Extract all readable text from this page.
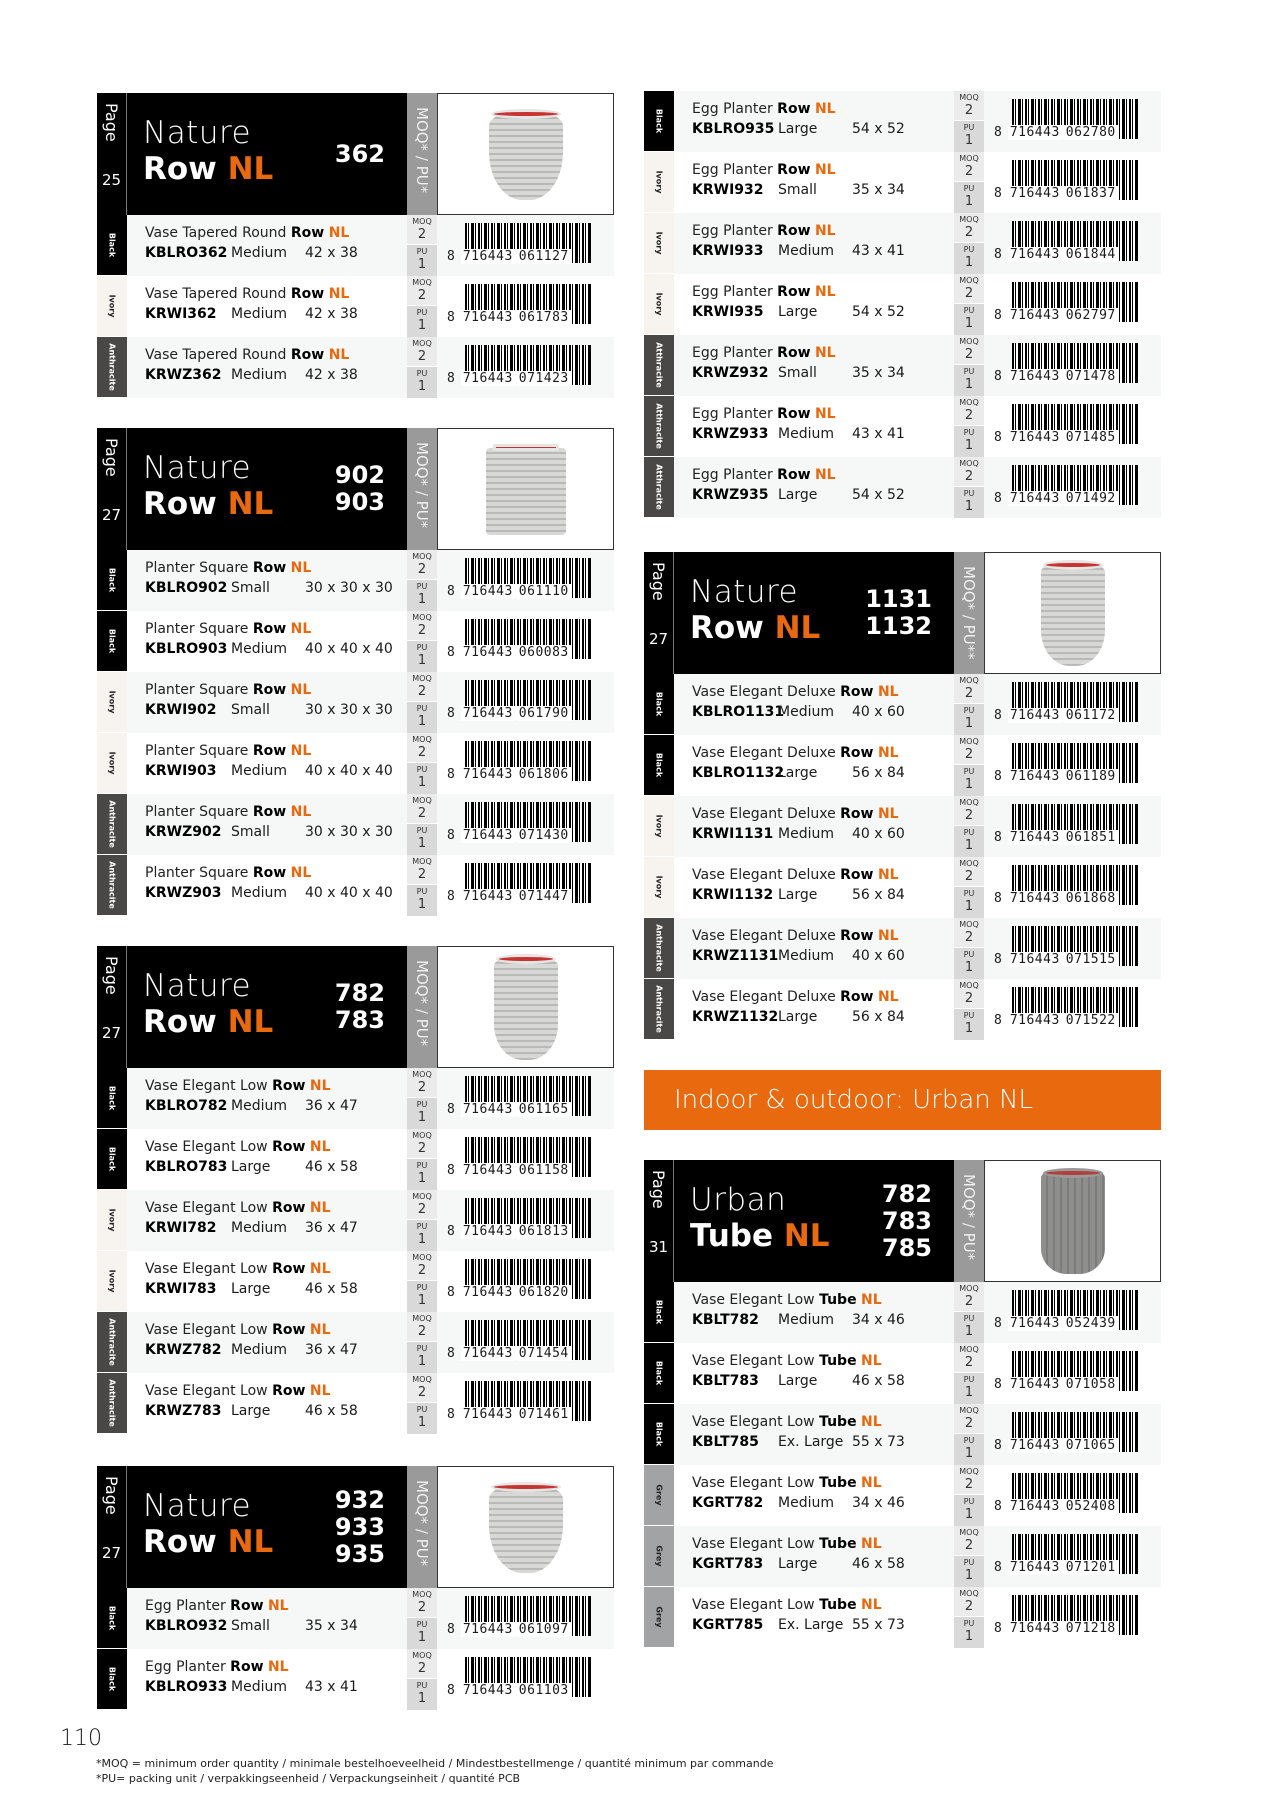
Page
25
Nature
Row NL	362 MOQ* / PU*
Black Vase Tapered Round Row NL
KBLRO362 Medium	42 x 38
MOQ
2
PU
1
8 716443 061127
Ivory
Vase Tapered Round Row NL
KRWI362	Medium	42 x 38
MOQ
2
PU
1
8 716443 061783
Anthracite Vase Tapered Round Row NL
KRWZ362 Medium	42 x 38
MOQ
2
PU
1
8 716443 071423
Page
27
Nature
Row NL
902
903 MOQ* / PU*
Black Planter Square Row NL
KBLRO902 Small	30 x 30 x 30
MOQ
2
PU
1
8 716443 061110
Black Planter Square Row NL
KBLRO903 Medium	40 x 40 x 40
MOQ
2
PU
1
8 716443 060083
Ivory
Planter Square Row NL
KRWI902	Small	30 x 30 x 30
MOQ
2
PU
1
8 716443 061790
Ivory
Planter Square Row NL
KRWI903	Medium	40 x 40 x 40
MOQ
2
PU
1
8 716443 061806
Anthracite Planter Square Row NL
KRWZ902 Small	30 x 30 x 30
MOQ
2
PU
1
8 716443 071430
Anthracite Planter Square Row NL
KRWZ903 Medium	40 x 40 x 40
MOQ
2
PU
1
8 716443 071447
Page
27
Nature
Row NL
782
783 MOQ* / PU*
Black Vase Elegant Low Row NL
KBLRO782 Medium	36 x 47
MOQ
2
PU
1
8 716443 061165
Black Vase Elegant Low Row NL
KBLRO783 Large	46 x 58
MOQ
2
PU
1
8 716443 061158
Ivory
Vase Elegant Low Row NL
KRWI782	Medium	36 x 47
MOQ
2
PU
1
8 716443 061813
Ivory
Vase Elegant Low Row NL
KRWI783	Large	46 x 58
MOQ
2
PU
1
8 716443 061820
Anthracite Vase Elegant Low Row NL
KRWZ782 Medium	36 x 47
MOQ
2
PU
1
8 716443 071454
Anthracite Vase Elegant Low Row NL
KRWZ783 Large	46 x 58
MOQ
2
PU
1
8 716443 071461
Page
27
Nature
Row NL
932
933
935 MOQ* / PU*
Black Egg Planter Row NL
KBLRO932 Small	35 x 34
MOQ
2
PU
1
8 716443 061097
Black Egg Planter Row NL
KBLRO933 Medium	43 x 41
MOQ
2
PU
1
8 716443 061103
Black Egg Planter Row NL
KBLRO935 Large	54 x 52
MOQ
2
PU
1
8 716443 062780
Ivory
Egg Planter Row NL
KRWI932	Small	35 x 34
MOQ
2
PU
1
8 716443 061837
Ivory
Egg Planter Row NL
KRWI933	Medium	43 x 41
MOQ
2
PU
1
8 716443 061844
Ivory
Egg Planter Row NL
KRWI935	Large	54 x 52
MOQ
2
PU
1
8 716443 062797
Atthracite Egg Planter Row NL
KRWZ932 Small	35 x 34
MOQ
2
PU
1
8 716443 071478
Atthracite Egg Planter Row NL
KRWZ933 Medium	43 x 41
MOQ
2
PU
1
8 716443 071485
Atthracite Egg Planter Row NL
KRWZ935 Large	54 x 52
MOQ
2
PU
1
8 716443 071492
Page
27
Nature
Row NL
1131
1132 MOQ* / PU**
Black Vase Elegant Deluxe Row NL
KBLRO1131
Medium	40 x 60
MOQ
2
PU
1
8 716443 061172
Black Vase Elegant Deluxe Row NL
KBLRO1132
Large	56 x 84
MOQ
2
PU
1
8 716443 061189
Ivory
Vase Elegant Deluxe Row NL
KRWI1131 Medium	40 x 60
MOQ
2
PU
1
8 716443 061851
Ivory
Vase Elegant Deluxe Row NL
KRWI1132 Large	56 x 84
MOQ
2
PU
1
8 716443 061868
Anthracite Vase Elegant Deluxe Row NL
KRWZ1131 Medium	40 x 60
MOQ
2
PU
1
8 716443 071515
Anthracite Vase Elegant Deluxe Row NL
KRWZ1132 Large	56 x 84
MOQ
2
PU
1
8 716443 071522
Indoor & outdoor: Urban NL
Page
31
Urban
Tube NL
782
783
785 MOQ* / PU*
Black Vase Elegant Low Tube NL
KBLT782	Medium	34 x 46
MOQ
2
PU
1
8 716443 052439
Black Vase Elegant Low Tube NL
KBLT783	Large	46 x 58
MOQ
2
PU
1
8 716443 071058
Black Vase Elegant Low Tube NL
KBLT785	Ex. Large 55 x 73
MOQ
2
PU
1
8 716443 071065
Grey
Vase Elegant Low Tube NL
KGRT782	Medium	34 x 46
MOQ
2
PU
1
8 716443 052408
Grey
Vase Elegant Low Tube NL
KGRT783	Large	46 x 58
MOQ
2
PU
1
8 716443 071201
Grey
Vase Elegant Low Tube NL
KGRT785	Ex. Large 55 x 73
MOQ
2
PU
1
8 716443 071218
110
*MOQ = minimum order quantity / minimale bestelhoeveelheid / Mindestbestellmenge / quantité minimum par commande
*PU= packing unit / verpakkingseenheid / Verpackungseinheit / quantité PCB
